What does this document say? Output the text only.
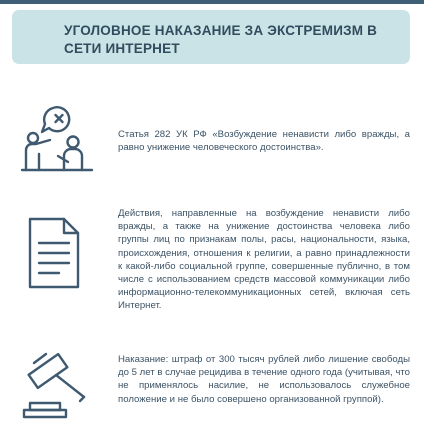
УГОЛОВНОЕ НАКАЗАНИЕ ЗА ЭКСТРЕМИЗМ В СЕТИ ИНТЕРНЕТ

Статья 282 УК РФ «Возбуждение ненависти либо вражды, а равно унижение человеческого достоинства».

Действия, направленные на возбуждение ненависти либо вражды, а также на унижение достоинства человека либо группы лиц по признакам полы, расы, национальности, языка, происхождения, отношения к религии, а равно принадлежности к какой-либо социальной группе, совершенные публично, в том числе с использованием средств массовой коммуникации либо информационно-телекоммуникационных сетей, включая сеть Интернет.

Наказание: штраф от 300 тысяч рублей либо лишение свободы до 5 лет в случае рецидива в течение одного года (учитывая, что не применялось насилие, не использовалось служебное положение и не было совершено организованной группой).
